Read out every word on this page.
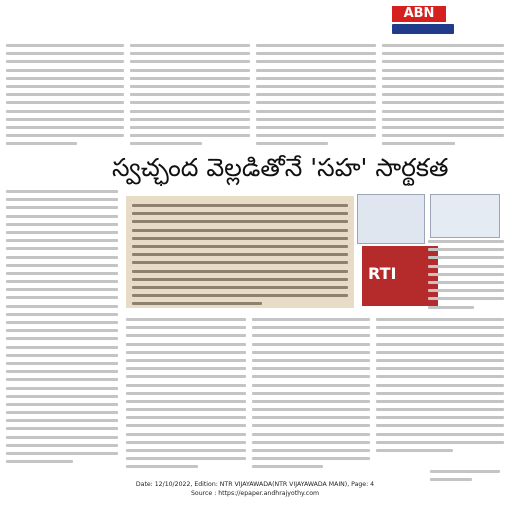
ABN
స్వచ్ఛంద వెల్లడితోనే 'సహ' సార్థకత
RTI
Date: 12/10/2022, Edition: NTR VIJAYAWADA(NTR VIJAYAWADA MAIN), Page: 4
Source : https://epaper.andhrajyothy.com
